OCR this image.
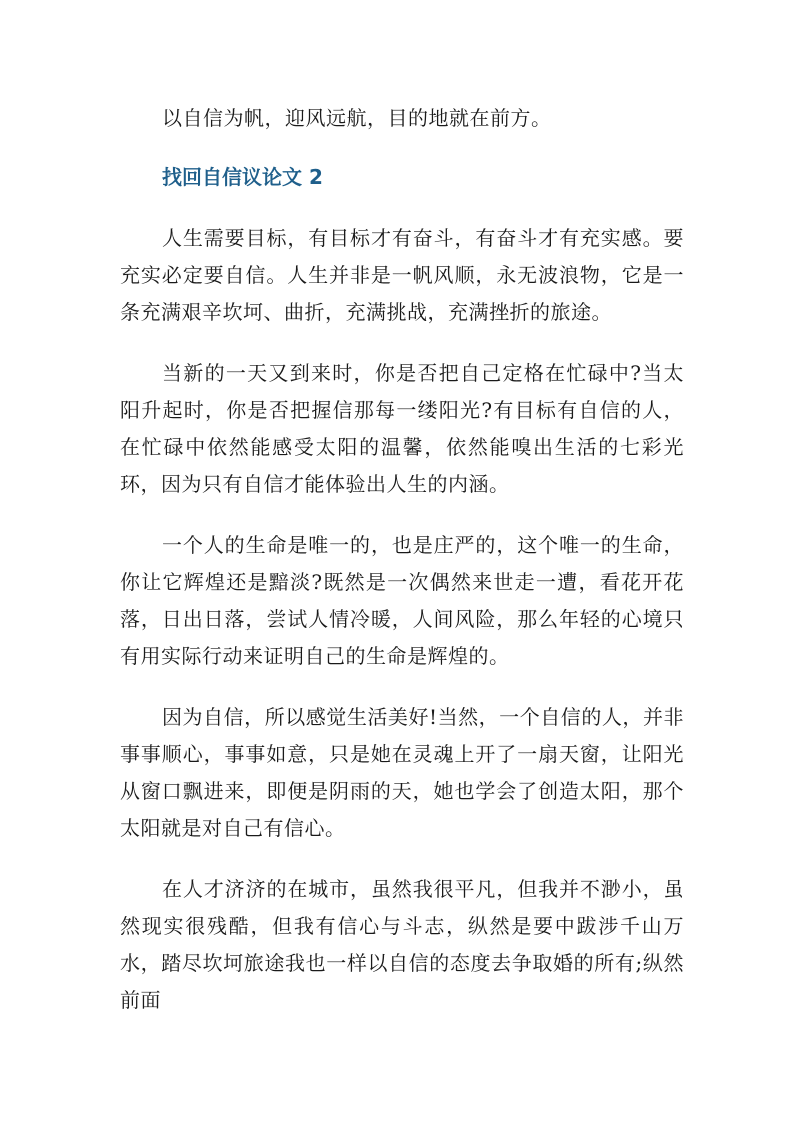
以自信为帆，迎风远航，目的地就在前方。

找回自信议论文 2

人生需要目标，有目标才有奋斗，有奋斗才有充实感。要充实必定要自信。人生并非是一帆风顺，永无波浪物，它是一条充满艰辛坎坷、曲折，充满挑战，充满挫折的旅途。

当新的一天又到来时，你是否把自己定格在忙碌中?当太阳升起时，你是否把握信那每一缕阳光?有目标有自信的人，在忙碌中依然能感受太阳的温馨，依然能嗅出生活的七彩光环，因为只有自信才能体验出人生的内涵。

一个人的生命是唯一的，也是庄严的，这个唯一的生命，你让它辉煌还是黯淡?既然是一次偶然来世走一遭，看花开花落，日出日落，尝试人情冷暖，人间风险，那么年轻的心境只有用实际行动来证明自己的生命是辉煌的。

因为自信，所以感觉生活美好!当然，一个自信的人，并非事事顺心，事事如意，只是她在灵魂上开了一扇天窗，让阳光从窗口飘进来，即便是阴雨的天，她也学会了创造太阳，那个太阳就是对自己有信心。

在人才济济的在城市，虽然我很平凡，但我并不渺小，虽然现实很残酷，但我有信心与斗志，纵然是要中跋涉千山万水，踏尽坎坷旅途我也一样以自信的态度去争取婚的所有;纵然前面
